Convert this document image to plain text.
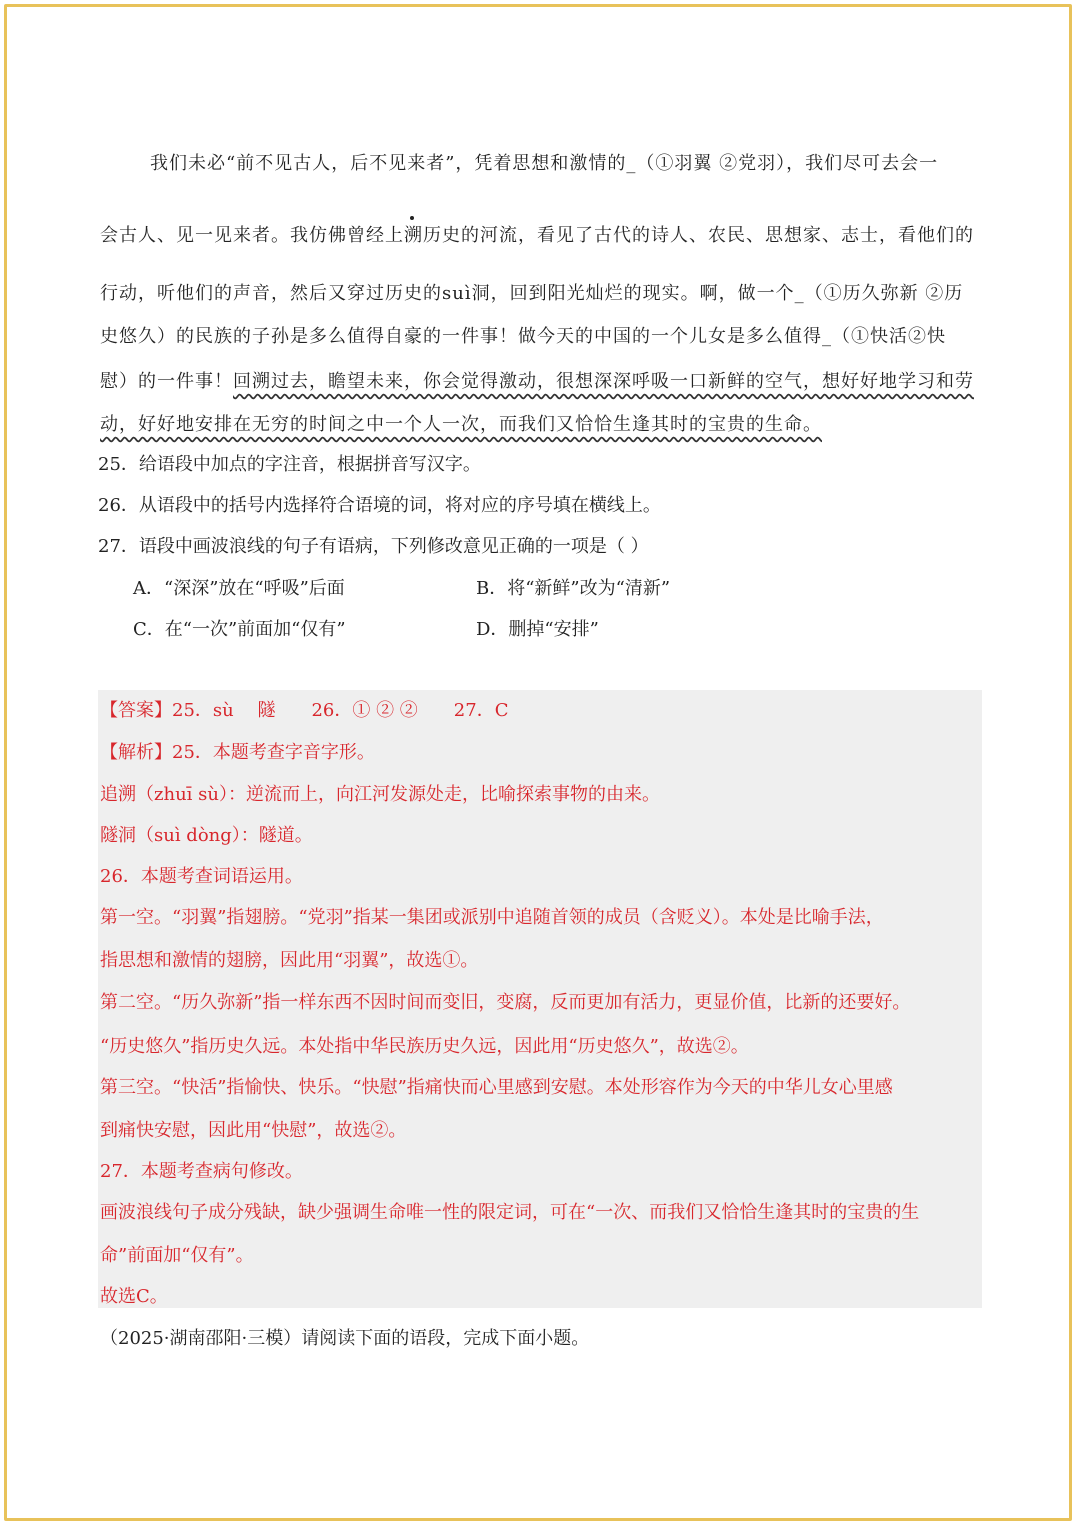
我们未必“前不见古人，后不见来者”，凭着思想和激情的_（①羽翼 ②党羽），我们尽可去会一
会古人、见一见来者。我仿佛曾经上溯历史的河流，看见了古代的诗人、农民、思想家、志士，看他们的
行动，听他们的声音，然后又穿过历史的suì洞，回到阳光灿烂的现实。啊，做一个_（①历久弥新 ②历
史悠久）的民族的子孙是多么值得自豪的一件事！做今天的中国的一个儿女是多么值得_（①快活②快
慰）的一件事！回溯过去，瞻望未来，你会觉得激动，很想深深呼吸一口新鲜的空气，想好好地学习和劳
动，好好地安排在无穷的时间之中一个人一次，而我们又恰恰生逢其时的宝贵的生命。
25．给语段中加点的字注音，根据拼音写汉字。
26．从语段中的括号内选择符合语境的词，将对应的序号填在横线上。
27．语段中画波浪线的句子有语病，下列修改意见正确的一项是（ ）
A．“深深”放在“呼吸”后面	B．将“新鲜”改为“清新”
C．在“一次”前面加“仅有”	D．删掉“安排”
【答案】25．sù　 隧　　26．① ② ②　　27．C
【解析】25．本题考查字音字形。
追溯（zhuī sù）：逆流而上，向江河发源处走，比喻探索事物的由来。
隧洞（suì dòng）：隧道。
26．本题考查词语运用。
第一空。“羽翼”指翅膀。“党羽”指某一集团或派别中追随首领的成员（含贬义）。本处是比喻手法，
指思想和激情的翅膀，因此用“羽翼”，故选①。
第二空。“历久弥新”指一样东西不因时间而变旧，变腐，反而更加有活力，更显价值，比新的还要好。
“历史悠久”指历史久远。本处指中华民族历史久远，因此用“历史悠久”，故选②。
第三空。“快活”指愉快、快乐。“快慰”指痛快而心里感到安慰。本处形容作为今天的中华儿女心里感
到痛快安慰，因此用“快慰”，故选②。
27．本题考查病句修改。
画波浪线句子成分残缺，缺少强调生命唯一性的限定词，可在“一次、而我们又恰恰生逢其时的宝贵的生
命”前面加“仅有”。
故选C。
（2025·湖南邵阳·三模）请阅读下面的语段，完成下面小题。
